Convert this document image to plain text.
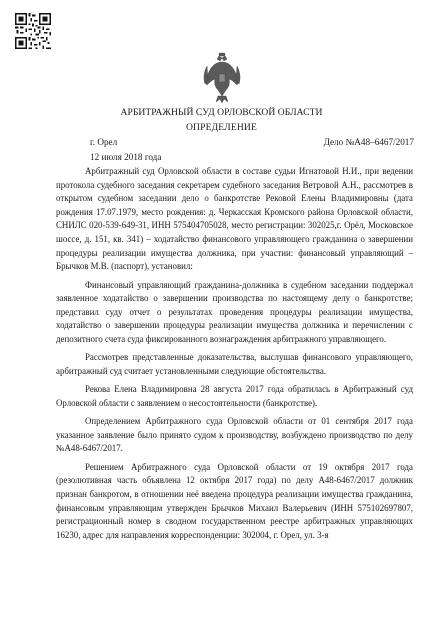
АРБИТРАЖНЫЙ СУД ОРЛОВСКОЙ ОБЛАСТИ
ОПРЕДЕЛЕНИЕ
г. Орел	Дело №А48–6467/2017
12 июля 2018 года

Арбитражный суд Орловской области в составе судьи Игнатовой Н.И., при ведении протокола судебного заседания секретарем судебного заседания Ветровой А.Н., рассмотрев в открытом судебном заседании дело о банкротстве Рековой Елены Владимировны (дата рождения 17.07.1979, место рождения: д. Черкасская Кромского района Орловской области, СНИЛС 020-539-649-31, ИНН 575404705028, место регистрации: 302025,г. Орёл, Московское шоссе, д. 151, кв. 341) – ходатайство финансового управляющего гражданина о завершении процедуры реализации имущества должника, при участии: финансовый управляющий – Брычков М.В. (паспорт), установил:

Финансовый управляющий гражданина-должника в судебном заседании поддержал заявленное ходатайство о завершении производства по настоящему делу о банкротстве; представил суду отчет о результатах проведения процедуры реализации имущества, ходатайство о завершении процедуры реализации имущества должника и перечислении с депозитного счета суда фиксированного вознаграждения арбитражного управляющего.

Рассмотрев представленные доказательства, выслушав финансового управляющего, арбитражный суд считает установленными следующие обстоятельства.

Рекова Елена Владимировна 28 августа 2017 года обратилась в Арбитражный суд Орловской области с заявлением о несостоятельности (банкротстве).

Определением Арбитражного суда Орловской области от 01 сентября 2017 года указанное заявление было принято судом к производству, возбуждено производство по делу №А48-6467/2017.

Решением Арбитражного суда Орловской области от 19 октября 2017 года (резолютивная часть объявлена 12 октября 2017 года) по делу А48-6467/2017 должник признан банкротом, в отношении неё введена процедура реализации имущества гражданина, финансовым управляющим утвержден Брычков Михаил Валерьевич (ИНН 575102697807, регистрационный номер в сводном государственном реестре арбитражных управляющих 16230, адрес для направления корреспонденции: 302004, г. Орел, ул. 3-я
